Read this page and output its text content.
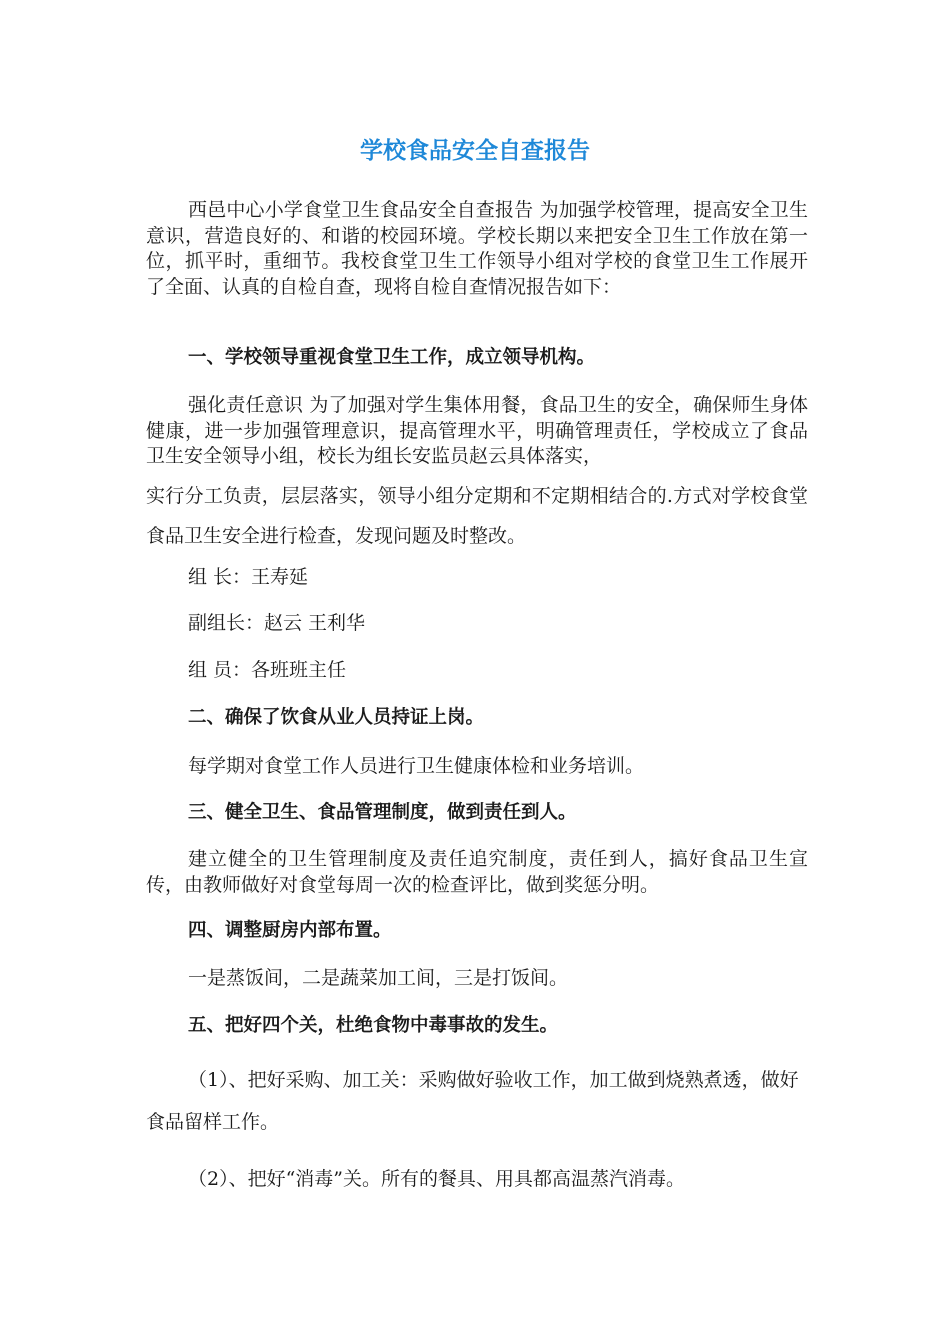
学校食品安全自查报告

西邑中心小学食堂卫生食品安全自查报告 为加强学校管理，提高安全卫生意识，营造良好的、和谐的校园环境。学校长期以来把安全卫生工作放在第一位，抓平时，重细节。我校食堂卫生工作领导小组对学校的食堂卫生工作展开了全面、认真的自检自查，现将自检自查情况报告如下：

一、学校领导重视食堂卫生工作，成立领导机构。

强化责任意识 为了加强对学生集体用餐，食品卫生的安全，确保师生身体健康，进一步加强管理意识，提高管理水平，明确管理责任，学校成立了食品卫生安全领导小组，校长为组长安监员赵云具体落实，

实行分工负责，层层落实，领导小组分定期和不定期相结合的.方式对学校食堂食品卫生安全进行检查，发现问题及时整改。

组 长：王寿延

副组长：赵云 王利华

组 员：各班班主任

二、确保了饮食从业人员持证上岗。

每学期对食堂工作人员进行卫生健康体检和业务培训。

三、健全卫生、食品管理制度，做到责任到人。

建立健全的卫生管理制度及责任追究制度，责任到人，搞好食品卫生宣传，由教师做好对食堂每周一次的检查评比，做到奖惩分明。

四、调整厨房内部布置。

一是蒸饭间，二是蔬菜加工间，三是打饭间。

五、把好四个关，杜绝食物中毒事故的发生。

（1）、把好采购、加工关：采购做好验收工作，加工做到烧熟煮透，做好食品留样工作。

（2）、把好“消毒”关。所有的餐具、用具都高温蒸汽消毒。
